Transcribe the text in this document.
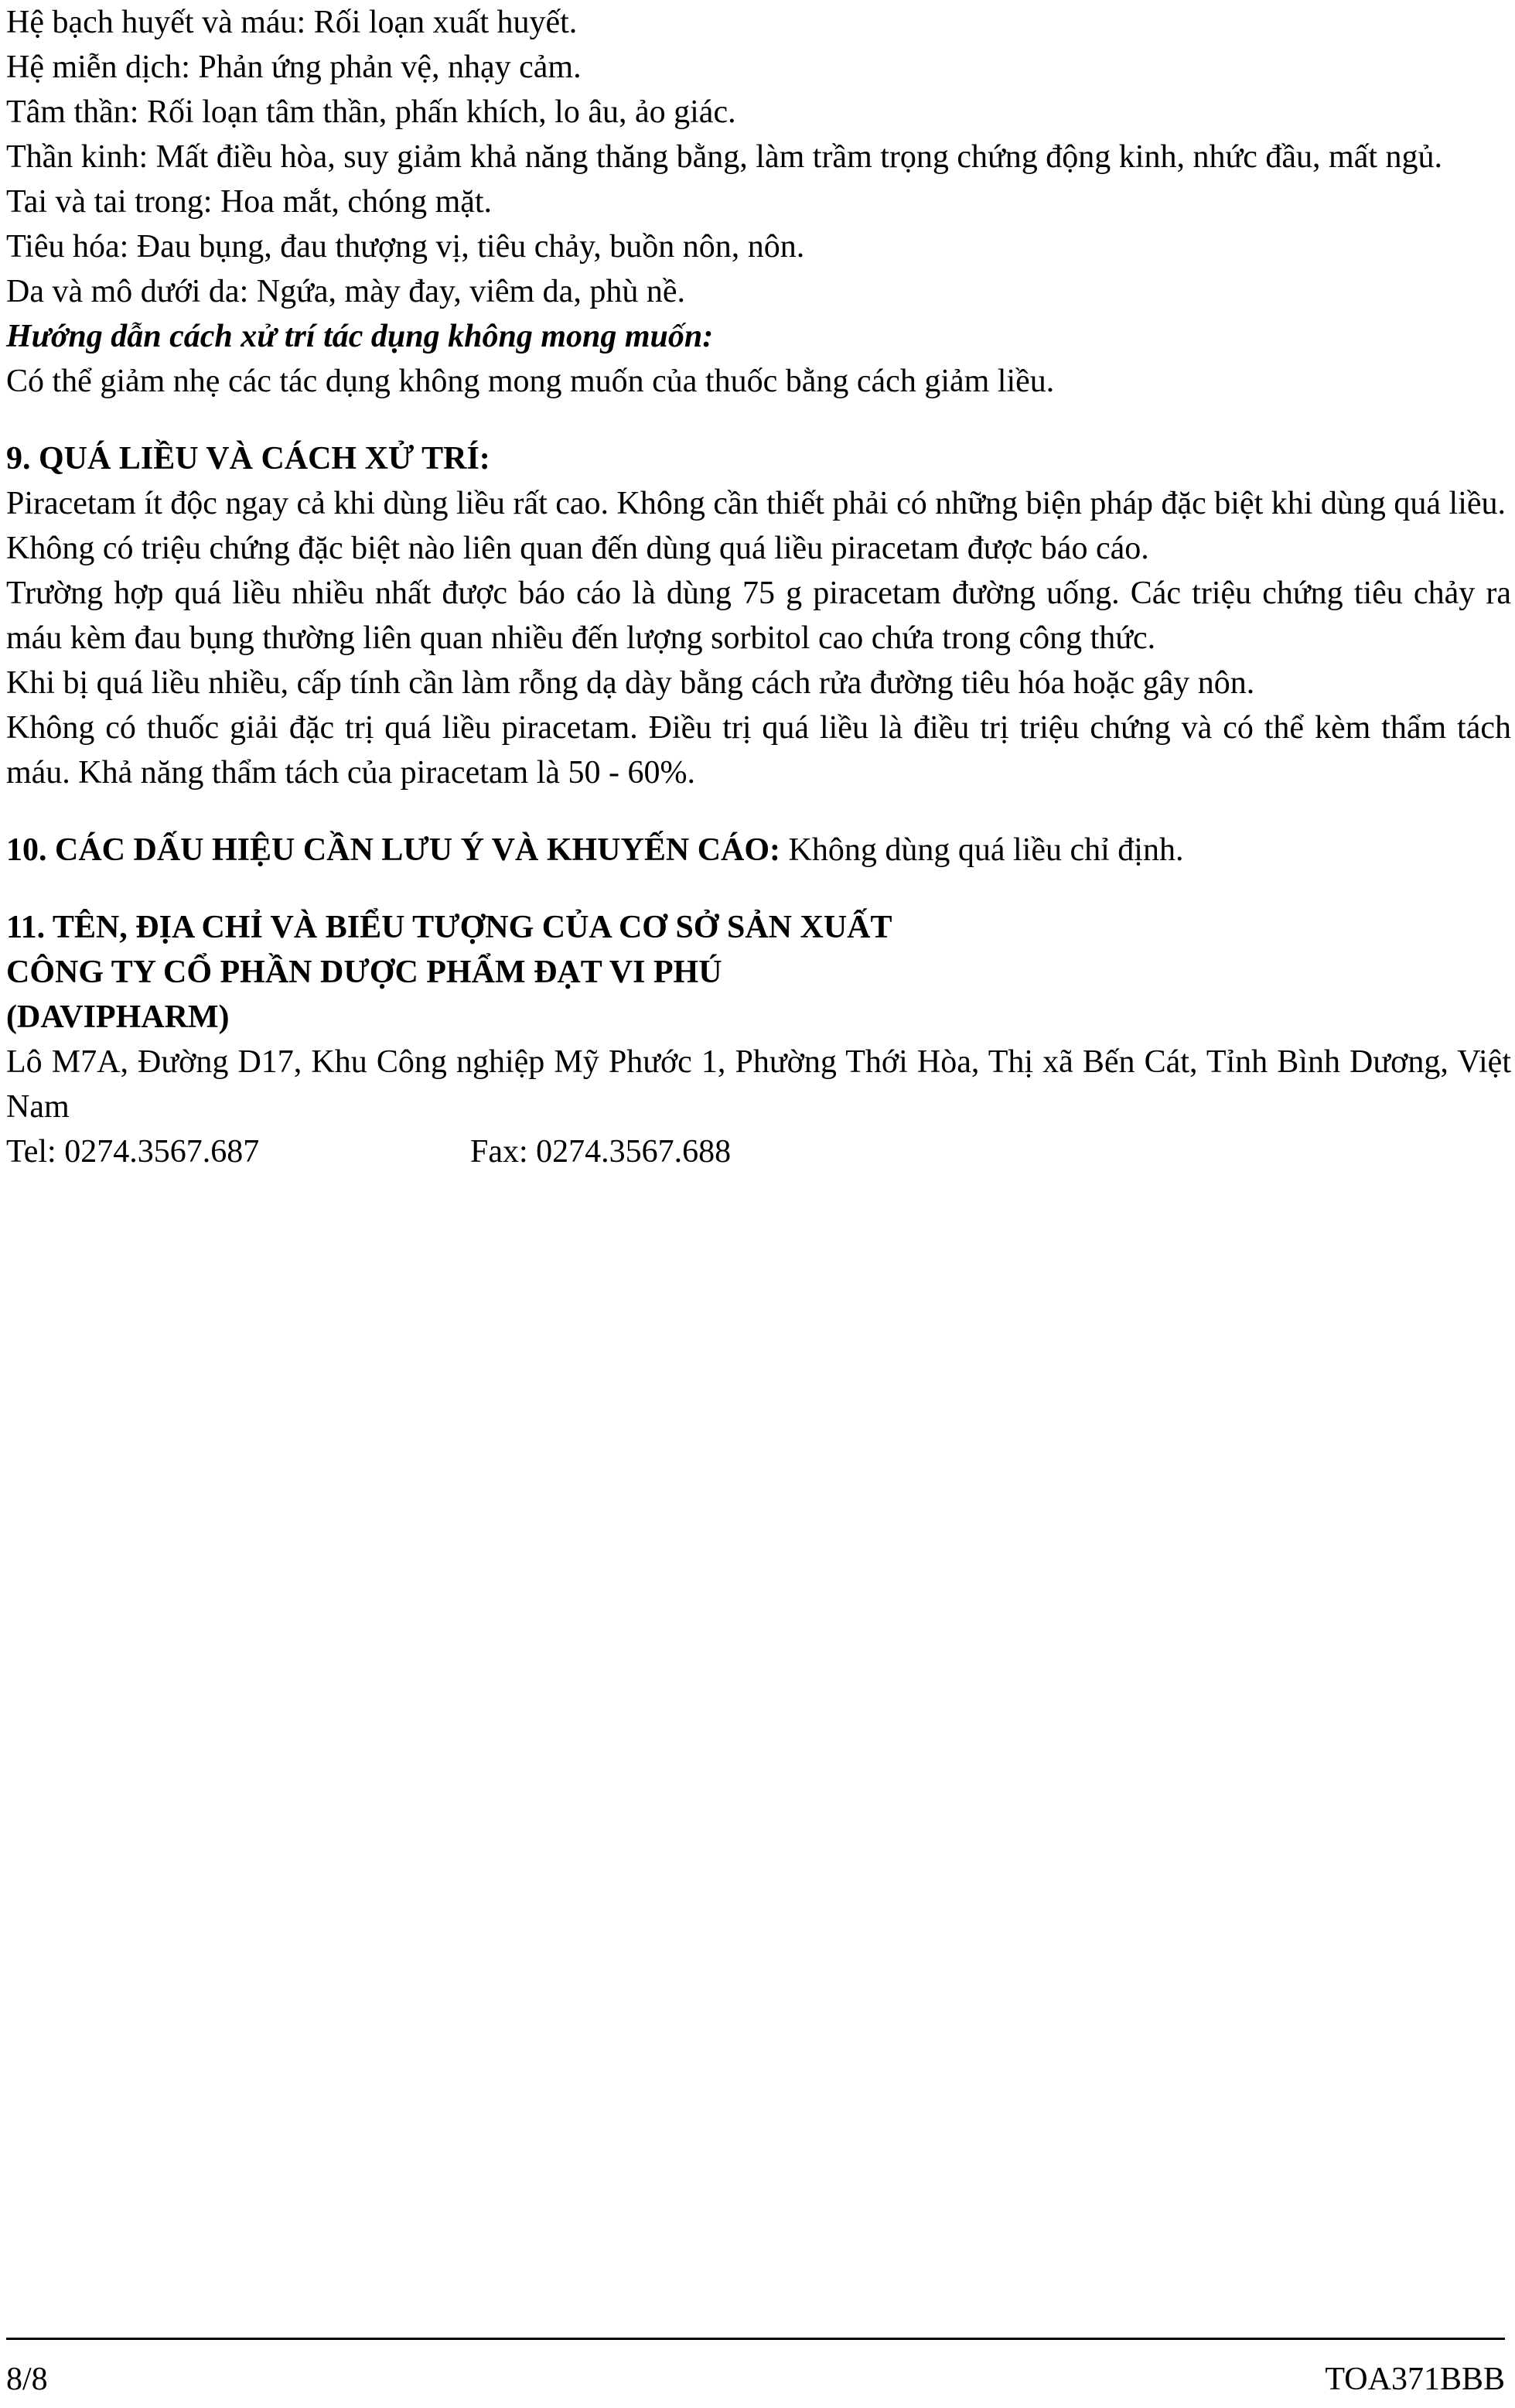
Hệ bạch huyết và máu: Rối loạn xuất huyết.

Hệ miễn dịch: Phản ứng phản vệ, nhạy cảm.

Tâm thần: Rối loạn tâm thần, phấn khích, lo âu, ảo giác.

Thần kinh: Mất điều hòa, suy giảm khả năng thăng bằng, làm trầm trọng chứng động kinh, nhức đầu, mất ngủ.

Tai và tai trong: Hoa mắt, chóng mặt.

Tiêu hóa: Đau bụng, đau thượng vị, tiêu chảy, buồn nôn, nôn.

Da và mô dưới da: Ngứa, mày đay, viêm da, phù nề.

Hướng dẫn cách xử trí tác dụng không mong muốn:

Có thể giảm nhẹ các tác dụng không mong muốn của thuốc bằng cách giảm liều.

9. QUÁ LIỀU VÀ CÁCH XỬ TRÍ:

Piracetam ít độc ngay cả khi dùng liều rất cao. Không cần thiết phải có những biện pháp đặc biệt khi dùng quá liều.

Không có triệu chứng đặc biệt nào liên quan đến dùng quá liều piracetam được báo cáo.

Trường hợp quá liều nhiều nhất được báo cáo là dùng 75 g piracetam đường uống. Các triệu chứng tiêu chảy ra máu kèm đau bụng thường liên quan nhiều đến lượng sorbitol cao chứa trong công thức.

Khi bị quá liều nhiều, cấp tính cần làm rỗng dạ dày bằng cách rửa đường tiêu hóa hoặc gây nôn.

Không có thuốc giải đặc trị quá liều piracetam. Điều trị quá liều là điều trị triệu chứng và có thể kèm thẩm tách máu. Khả năng thẩm tách của piracetam là 50 - 60%.

10. CÁC DẤU HIỆU CẦN LƯU Ý VÀ KHUYẾN CÁO: Không dùng quá liều chỉ định.

11. TÊN, ĐỊA CHỈ VÀ BIỂU TƯỢNG CỦA CƠ SỞ SẢN XUẤT

CÔNG TY CỔ PHẦN DƯỢC PHẨM ĐẠT VI PHÚ

(DAVIPHARM)

Lô M7A, Đường D17, Khu Công nghiệp Mỹ Phước 1, Phường Thới Hòa, Thị xã Bến Cát, Tỉnh Bình Dương, Việt Nam

Tel: 0274.3567.687	Fax: 0274.3567.688
8/8	TOA371BBB
